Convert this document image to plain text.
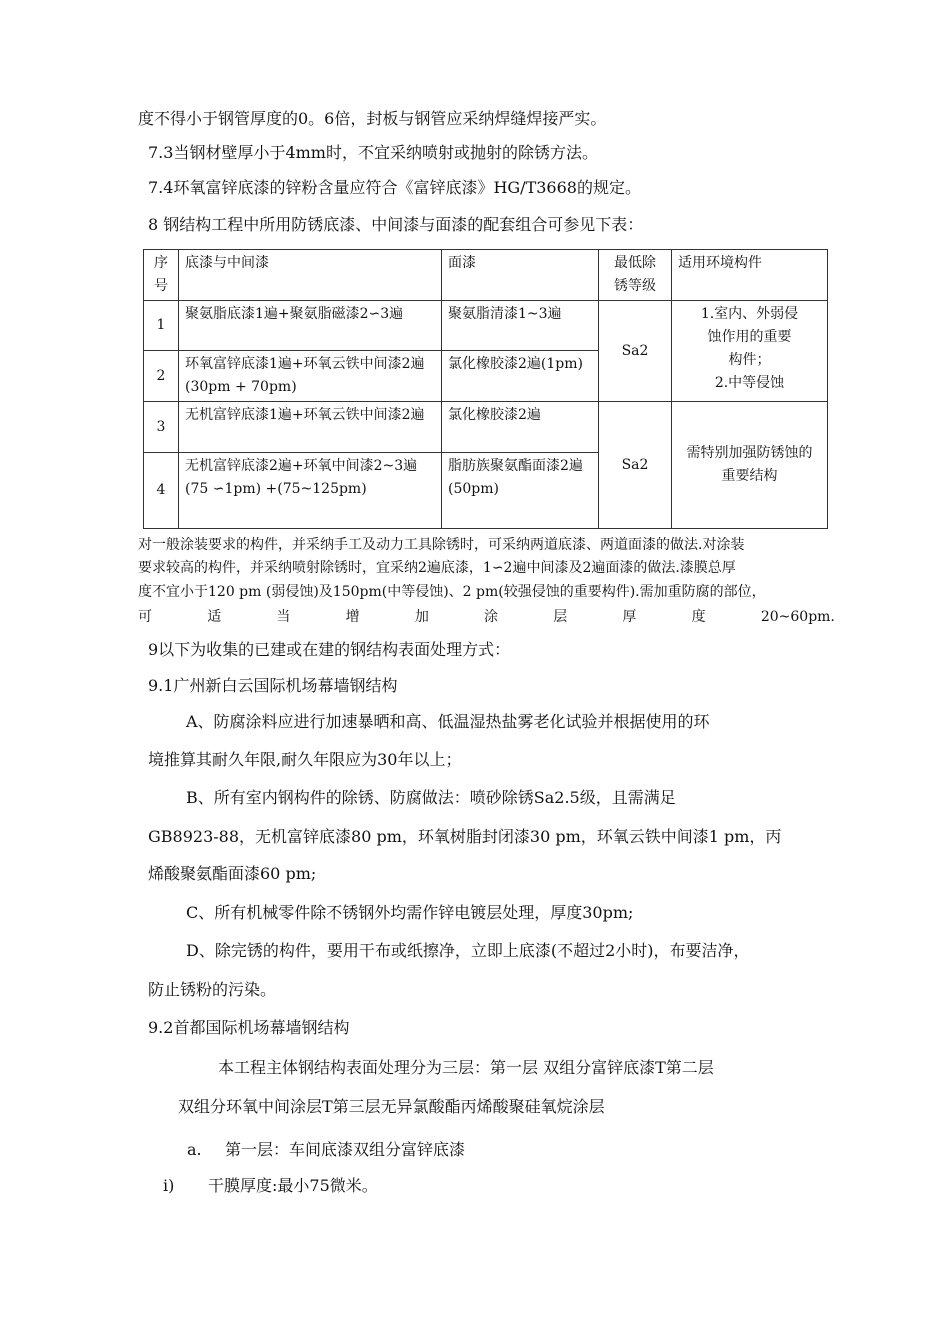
度不得小于钢管厚度的0。6倍，封板与钢管应采纳焊缝焊接严实。
7.3当钢材壁厚小于4mm时，不宜采纳喷射或抛射的除锈方法。
7.4环氧富锌底漆的锌粉含量应符合《富锌底漆》HG/T3668的规定。
8 钢结构工程中所用防锈底漆、中间漆与面漆的配套组合可参见下表：
序号	底漆与中间漆	面漆	最低除锈等级	适用环境构件
1	聚氨脂底漆1遍+聚氨脂磁漆2∽3遍	聚氨脂清漆1~3遍	Sa2	1.室内、外弱侵
蚀作用的重要
构件；
2.中等侵蚀

2	环氧富锌底漆1遍+环氧云铁中间漆2遍(30pm + 70pm)	氯化橡胶漆2遍(1pm)		
3	无机富锌底漆1遍+环氧云铁中间漆2遍	氯化橡胶漆2遍	Sa2	需特别加强防锈蚀的重要结构
4	无机富锌底漆2遍+环氧中间漆2~3遍(75 ∽1pm) +(75~125pm)	脂肪族聚氨酯面漆2遍(50pm)		
对一般涂装要求的构件，并采纳手工及动力工具除锈时，可采纳两道底漆、两道面漆的做法.对涂装
要求较高的构件，并采纳喷射除锈时，宜采纳2遍底漆，1∽2遍中间漆及2遍面漆的做法.漆膜总厚
度不宜小于120 pm (弱侵蚀)及150pm(中等侵蚀)、2 pm(较强侵蚀的重要构件).需加重防腐的部位，
可	适	当	增	加	涂	层	厚	度	20~60pm.
9以下为收集的已建或在建的钢结构表面处理方式：
9.1广州新白云国际机场幕墙钢结构
A、防腐涂料应进行加速暴晒和高、低温湿热盐雾老化试验并根据使用的环
境推算其耐久年限,耐久年限应为30年以上；
B、所有室内钢构件的除锈、防腐做法：喷砂除锈Sa2.5级，且需满足
GB8923-88，无机富锌底漆80 pm，环氧树脂封闭漆30 pm，环氧云铁中间漆1 pm，丙
烯酸聚氨酯面漆60 pm;
C、所有机械零件除不锈钢外均需作锌电镀层处理，厚度30pm;
D、除完锈的构件，要用干布或纸擦净，立即上底漆(不超过2小时)，布要洁净，
防止锈粉的污染。
9.2首都国际机场幕墙钢结构
本工程主体钢结构表面处理分为三层：第一层 双组分富锌底漆T第二层
双组分环氧中间涂层T第三层无异氯酸酯丙烯酸聚硅氧烷涂层
a. 第一层：车间底漆双组分富锌底漆
i) 干膜厚度:最小75微米。
